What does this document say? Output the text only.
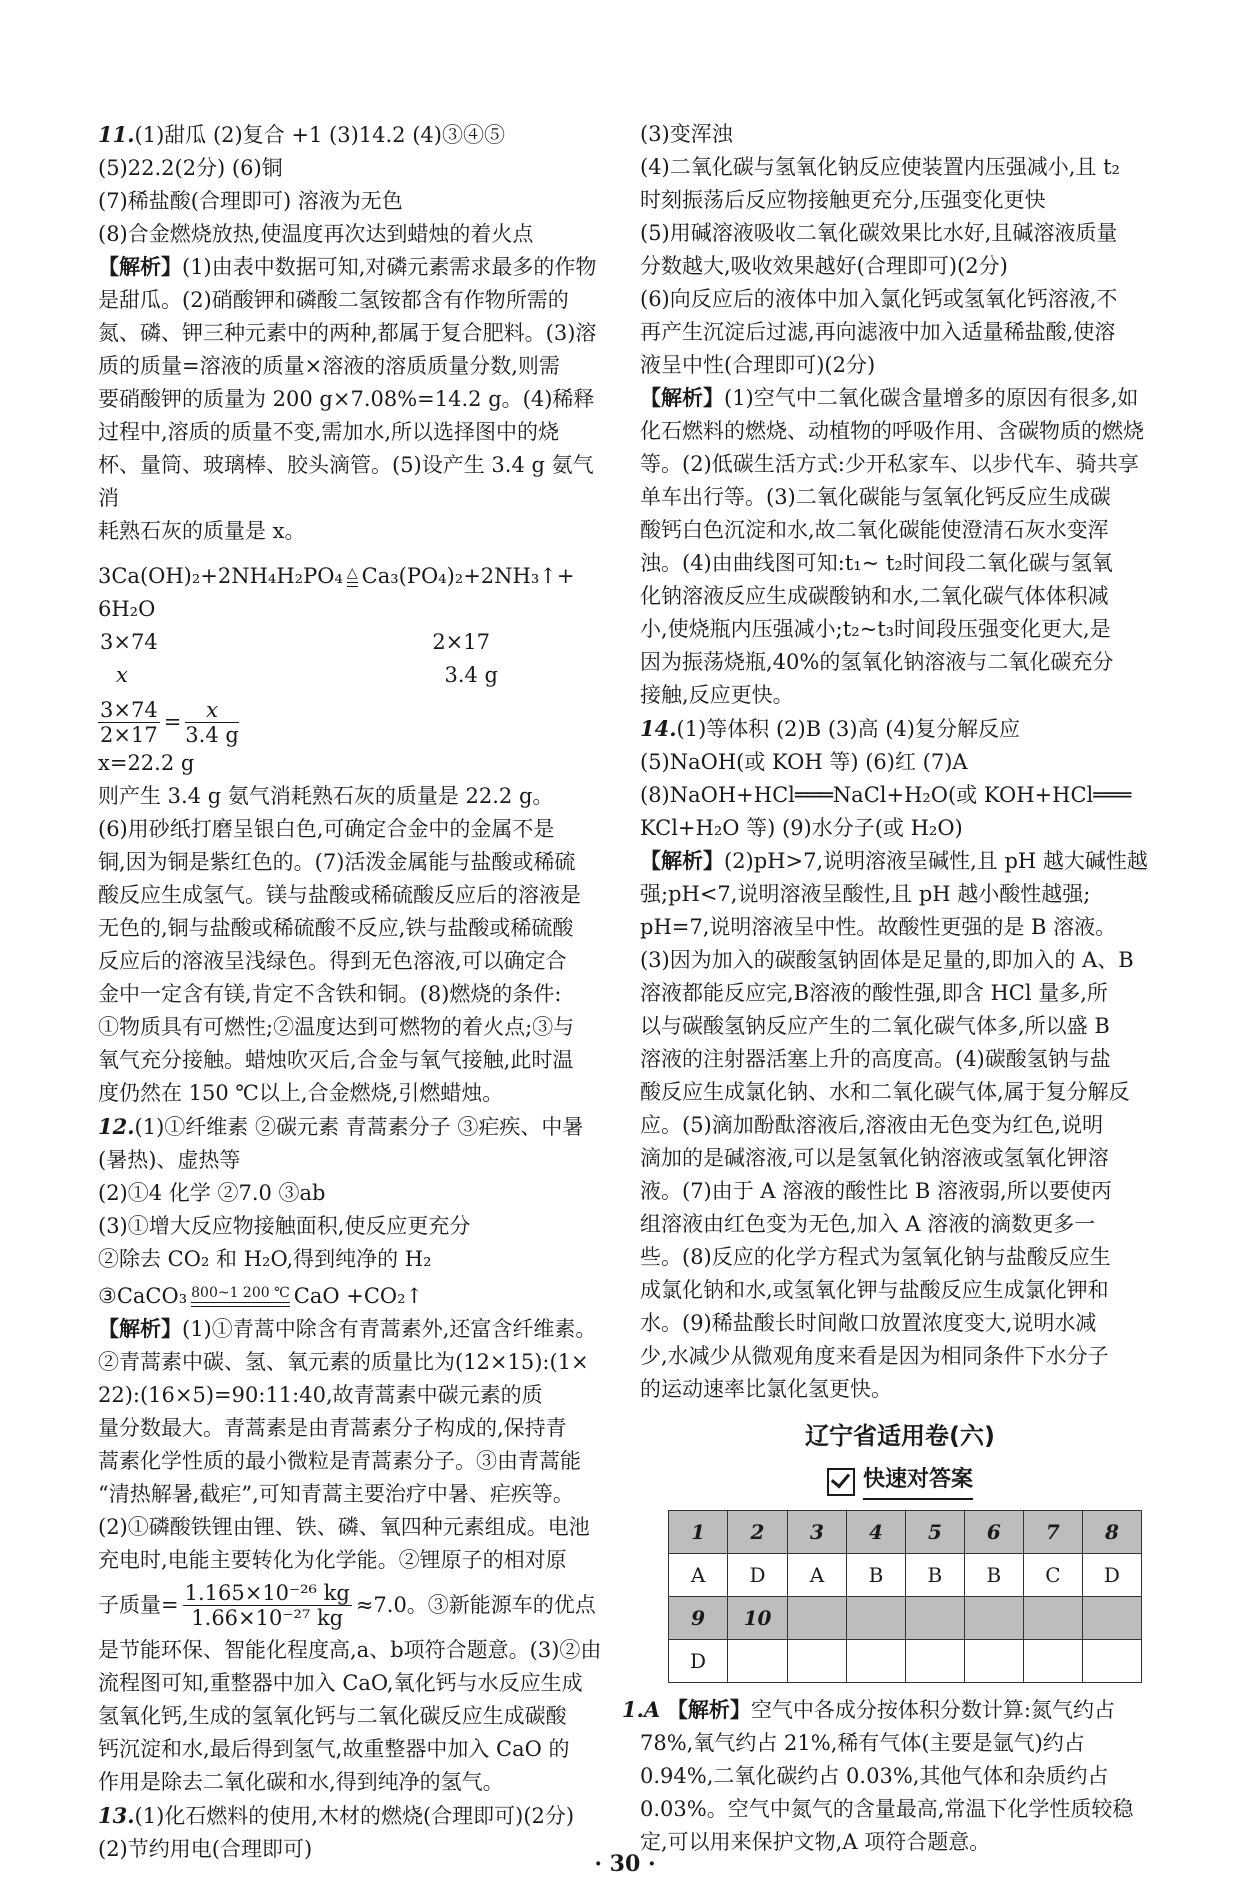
11.(1)甜瓜 (2)复合 +1 (3)14.2 (4)③④⑤

(5)22.2(2分) (6)铜

(7)稀盐酸(合理即可) 溶液为无色

(8)合金燃烧放热,使温度再次达到蜡烛的着火点

【解析】(1)由表中数据可知,对磷元素需求最多的作物

是甜瓜。(2)硝酸钾和磷酸二氢铵都含有作物所需的

氮、磷、钾三种元素中的两种,都属于复合肥料。(3)溶

质的质量=溶液的质量×溶液的溶质质量分数,则需

要硝酸钾的质量为 200 g×7.08%=14.2 g。(4)稀释

过程中,溶质的质量不变,需加水,所以选择图中的烧

杯、量筒、玻璃棒、胶头滴管。(5)设产生 3.4 g 氨气消

耗熟石灰的质量是 x。

3Ca(OH)₂+2NH₄H₂PO₄ △ Ca₃(PO₄)₂+2NH₃↑+

6H₂O

3×74	2×17
x	3.4 g
$\frac{3\times 74}{2\times 17} = \frac{x}{3.4 g}$

x=22.2 g

则产生 3.4 g 氨气消耗熟石灰的质量是 22.2 g。

(6)用砂纸打磨呈银白色,可确定合金中的金属不是

铜,因为铜是紫红色的。(7)活泼金属能与盐酸或稀硫

酸反应生成氢气。镁与盐酸或稀硫酸反应后的溶液是

无色的,铜与盐酸或稀硫酸不反应,铁与盐酸或稀硫酸

反应后的溶液呈浅绿色。得到无色溶液,可以确定合

金中一定含有镁,肯定不含铁和铜。(8)燃烧的条件:

①物质具有可燃性;②温度达到可燃物的着火点;③与

氧气充分接触。蜡烛吹灭后,合金与氧气接触,此时温

度仍然在 150 ℃以上,合金燃烧,引燃蜡烛。

12.(1)①纤维素 ②碳元素 青蒿素分子 ③疟疾、中暑

(暑热)、虚热等

(2)①4 化学 ②7.0 ③ab

(3)①增大反应物接触面积,使反应更充分

②除去 CO₂ 和 H₂O,得到纯净的 H₂

③CaCO₃ 800~1 200 ℃ CaO +CO₂↑

【解析】(1)①青蒿中除含有青蒿素外,还富含纤维素。

②青蒿素中碳、氢、氧元素的质量比为(12×15):(1×

22):(16×5)=90:11:40,故青蒿素中碳元素的质

量分数最大。青蒿素是由青蒿素分子构成的,保持青

蒿素化学性质的最小微粒是青蒿素分子。③由青蒿能

“清热解暑,截疟”,可知青蒿主要治疗中暑、疟疾等。

(2)①磷酸铁锂由锂、铁、磷、氧四种元素组成。电池

充电时,电能主要转化为化学能。②锂原子的相对原

子质量= $\frac{\text{1.165×10⁻²⁶ kg}}{\text{1.66×10⁻²⁷ kg}} \approx 7.0$。③新能源车的优点

是节能环保、智能化程度高,a、b项符合题意。(3)②由

流程图可知,重整器中加入 CaO,氧化钙与水反应生成

氢氧化钙,生成的氢氧化钙与二氧化碳反应生成碳酸

钙沉淀和水,最后得到氢气,故重整器中加入 CaO 的

作用是除去二氧化碳和水,得到纯净的氢气。

13.(1)化石燃料的使用,木材的燃烧(合理即可)(2分)

(2)节约用电(合理即可)

(3)变浑浊

(4)二氧化碳与氢氧化钠反应使装置内压强减小,且 t₂

时刻振荡后反应物接触更充分,压强变化更快

(5)用碱溶液吸收二氧化碳效果比水好,且碱溶液质量

分数越大,吸收效果越好(合理即可)(2分)

(6)向反应后的液体中加入氯化钙或氢氧化钙溶液,不

再产生沉淀后过滤,再向滤液中加入适量稀盐酸,使溶

液呈中性(合理即可)(2分)

【解析】(1)空气中二氧化碳含量增多的原因有很多,如

化石燃料的燃烧、动植物的呼吸作用、含碳物质的燃烧

等。(2)低碳生活方式:少开私家车、以步代车、骑共享

单车出行等。(3)二氧化碳能与氢氧化钙反应生成碳

酸钙白色沉淀和水,故二氧化碳能使澄清石灰水变浑

浊。(4)由曲线图可知:t₁~ t₂时间段二氧化碳与氢氧

化钠溶液反应生成碳酸钠和水,二氧化碳气体体积减

小,使烧瓶内压强减小;t₂~t₃时间段压强变化更大,是

因为振荡烧瓶,40%的氢氧化钠溶液与二氧化碳充分

接触,反应更快。

14.(1)等体积 (2)B (3)高 (4)复分解反应

(5)NaOH(或 KOH 等) (6)红 (7)A

(8)NaOH+HCl═══NaCl+H₂O(或 KOH+HCl═══

KCl+H₂O 等) (9)水分子(或 H₂O)

【解析】(2)pH>7,说明溶液呈碱性,且 pH 越大碱性越

强;pH<7,说明溶液呈酸性,且 pH 越小酸性越强;

pH=7,说明溶液呈中性。故酸性更强的是 B 溶液。

(3)因为加入的碳酸氢钠固体是足量的,即加入的 A、B

溶液都能反应完,B溶液的酸性强,即含 HCl 量多,所

以与碳酸氢钠反应产生的二氧化碳气体多,所以盛 B

溶液的注射器活塞上升的高度高。(4)碳酸氢钠与盐

酸反应生成氯化钠、水和二氧化碳气体,属于复分解反

应。(5)滴加酚酞溶液后,溶液由无色变为红色,说明

滴加的是碱溶液,可以是氢氧化钠溶液或氢氧化钾溶

液。(7)由于 A 溶液的酸性比 B 溶液弱,所以要使丙

组溶液由红色变为无色,加入 A 溶液的滴数更多一

些。(8)反应的化学方程式为氢氧化钠与盐酸反应生

成氯化钠和水,或氢氧化钾与盐酸反应生成氯化钾和

水。(9)稀盐酸长时间敞口放置浓度变大,说明水减

少,水减少从微观角度来看是因为相同条件下水分子

的运动速率比氯化氢更快。

辽宁省适用卷(六)
快速对答案
1	2	3	4	5	6	7	8
A	D	A	B	B	B	C	D
9	10						
D							

1.A 【解析】空气中各成分按体积分数计算:氮气约占

78%,氧气约占 21%,稀有气体(主要是氩气)约占

0.94%,二氧化碳约占 0.03%,其他气体和杂质约占

0.03%。空气中氮气的含量最高,常温下化学性质较稳

定,可以用来保护文物,A 项符合题意。

· 30 ·
